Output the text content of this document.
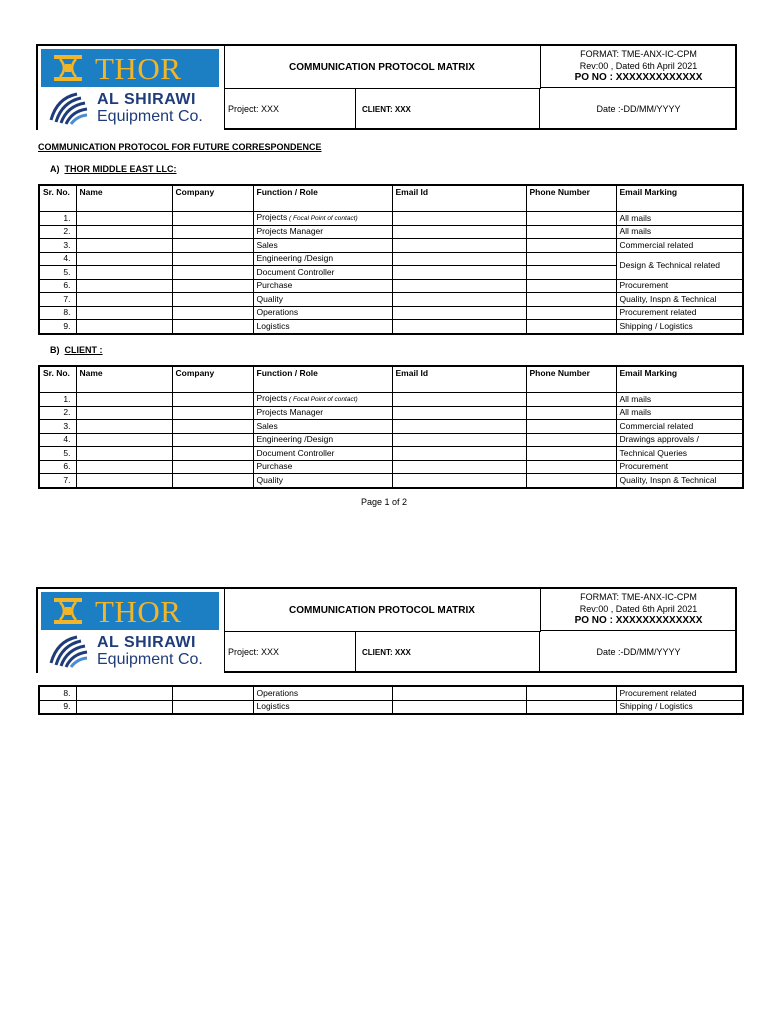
THOR
AL SHIRAWI
Equipment Co.
COMMUNICATION PROTOCOL MATRIX
FORMAT: TME-ANX-IC-CPM
Rev:00 , Dated 6th April 2021
PO NO : XXXXXXXXXXXXX
Project: XXX	CLIENT: XXX	Date :-DD/MM/YYYY
COMMUNICATION PROTOCOL FOR FUTURE CORRESPONDENCE
A) THOR MIDDLE EAST LLC:
Sr. No.	Name	Company	Function / Role	Email Id	Phone Number	Email Marking
1.			Projects ( Focal Point of contact)			All mails
2.			Projects Manager			All mails
3.			Sales			Commercial related
4.			Engineering /Design			Design & Technical related
5.			Document Controller			
6.			Purchase			Procurement
7.			Quality			Quality, Inspn & Technical
8.			Operations			Procurement related
9.			Logistics			Shipping / Logistics
B) CLIENT :
Sr. No.	Name	Company	Function / Role	Email Id	Phone Number	Email Marking
1.			Projects ( Focal Point of contact)			All mails
2.			Projects Manager			All mails
3.			Sales			Commercial related
4.			Engineering /Design			Drawings approvals /
5.			Document Controller			Technical Queries
6.			Purchase			Procurement
7.			Quality			Quality, Inspn & Technical
Page 1 of 2
THOR
AL SHIRAWI
Equipment Co.
COMMUNICATION PROTOCOL MATRIX
FORMAT: TME-ANX-IC-CPM
Rev:00 , Dated 6th April 2021
PO NO : XXXXXXXXXXXXX
Project: XXX	CLIENT: XXX	Date :-DD/MM/YYYY
8.			Operations			Procurement related
9.			Logistics			Shipping / Logistics
